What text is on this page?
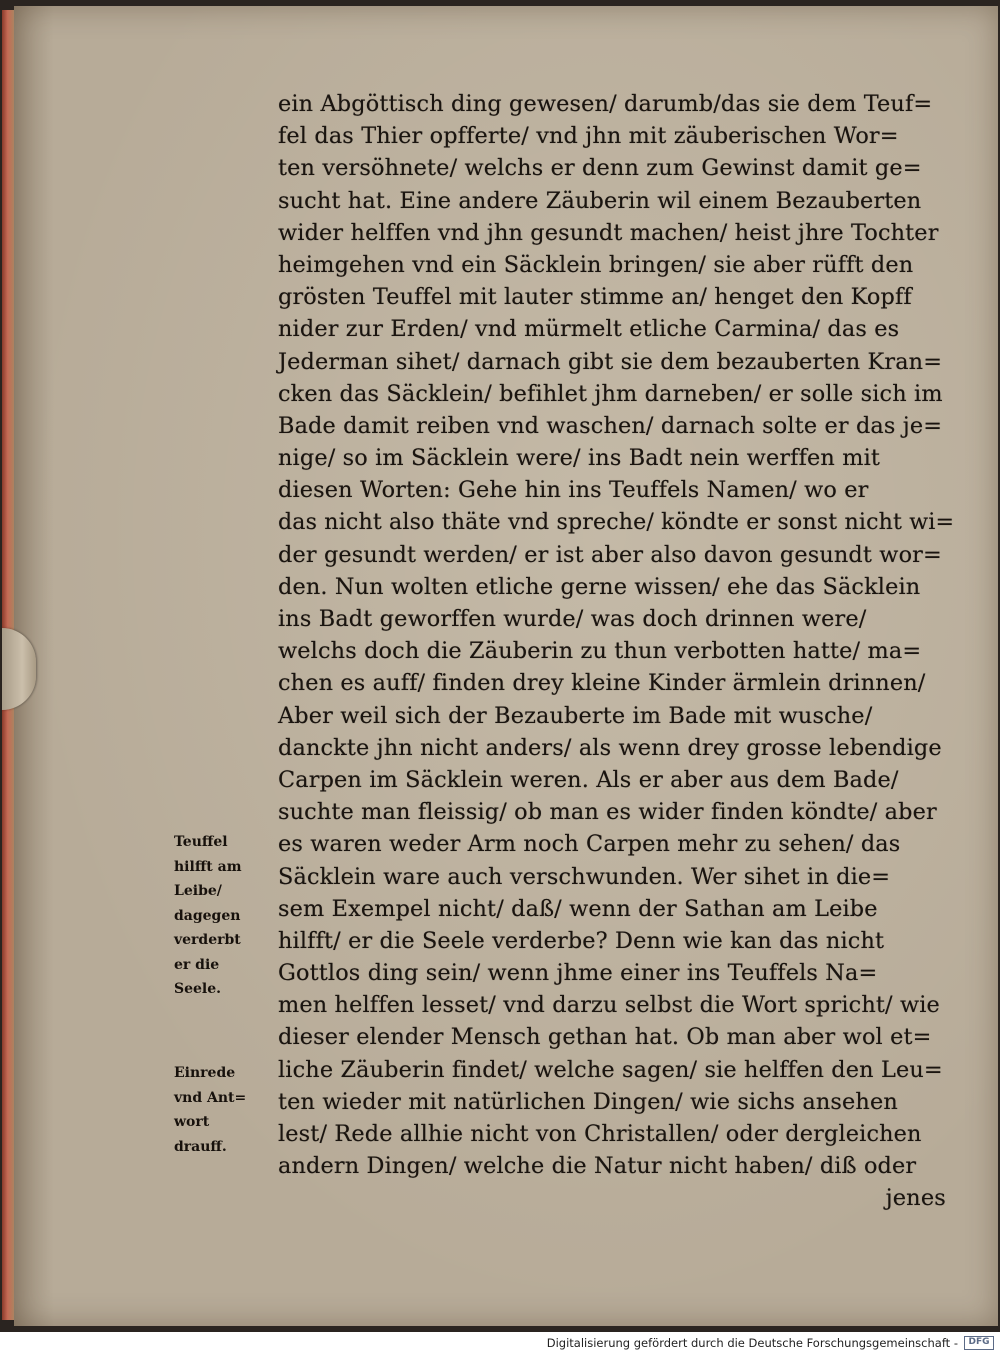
ein Abgöttisch ding gewesen/ darumb/das sie dem Teuf=
fel das Thier opfferte/ vnd jhn mit zäuberischen Wor=
ten versöhnete/ welchs er denn zum Gewinst damit ge=
sucht hat. Eine andere Zäuberin wil einem Bezauberten
wider helffen vnd jhn gesundt machen/ heist jhre Tochter
heimgehen vnd ein Säcklein bringen/ sie aber rüfft den
grösten Teuffel mit lauter stimme an/ henget den Kopff
nider zur Erden/ vnd mürmelt etliche Carmina/ das es
Jederman sihet/ darnach gibt sie dem bezauberten Kran=
cken das Säcklein/ befihlet jhm darneben/ er solle sich im
Bade damit reiben vnd waschen/ darnach solte er das je=
nige/ so im Säcklein were/ ins Badt nein werffen mit
diesen Worten: Gehe hin ins Teuffels Namen/ wo er
das nicht also thäte vnd spreche/ köndte er sonst nicht wi=
der gesundt werden/ er ist aber also davon gesundt wor=
den. Nun wolten etliche gerne wissen/ ehe das Säcklein
ins Badt geworffen wurde/ was doch drinnen were/
welchs doch die Zäuberin zu thun verbotten hatte/ ma=
chen es auff/ finden drey kleine Kinder ärmlein drinnen/
Aber weil sich der Bezauberte im Bade mit wusche/
danckte jhn nicht anders/ als wenn drey grosse lebendige
Carpen im Säcklein weren. Als er aber aus dem Bade/
suchte man fleissig/ ob man es wider finden köndte/ aber
es waren weder Arm noch Carpen mehr zu sehen/ das
Säcklein ware auch verschwunden. Wer sihet in die=
sem Exempel nicht/ daß/ wenn der Sathan am Leibe
hilfft/ er die Seele verderbe? Denn wie kan das nicht
Gottlos ding sein/ wenn jhme einer ins Teuffels Na=
men helffen lesset/ vnd darzu selbst die Wort spricht/ wie
dieser elender Mensch gethan hat. Ob man aber wol et=
liche Zäuberin findet/ welche sagen/ sie helffen den Leu=
ten wieder mit natürlichen Dingen/ wie sichs ansehen
lest/ Rede allhie nicht von Christallen/ oder dergleichen
andern Dingen/ welche die Natur nicht haben/ diß oder
jenes
Teuffel
hilfft am
Leibe/
dagegen
verderbt
er die
Seele.
Einrede
vnd Ant=
wort
drauff.
Digitalisierung gefördert durch die Deutsche Forschungsgemeinschaft -	DFG
